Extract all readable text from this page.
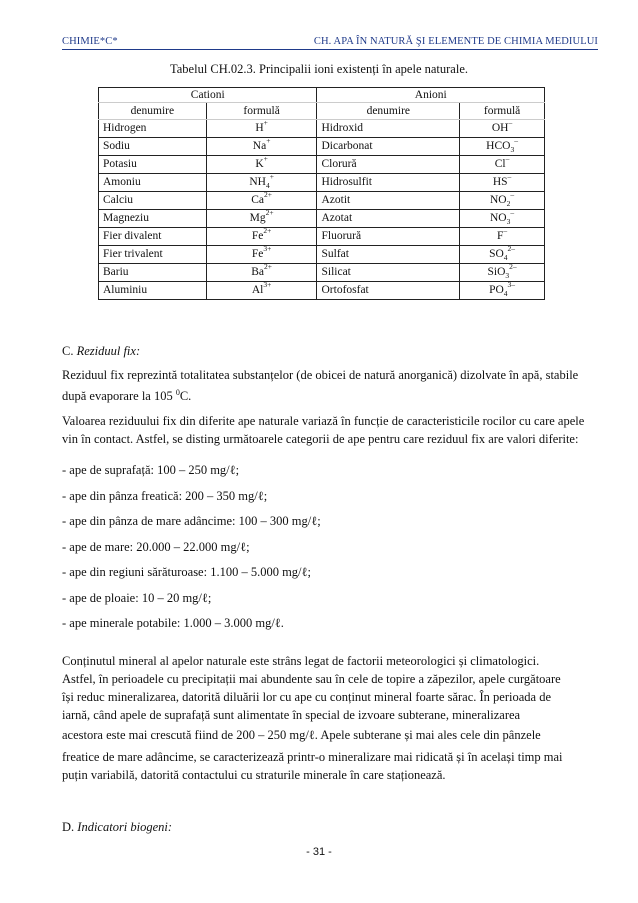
CHIMIE*C*	CH. APA ÎN NATURĂ ŞI ELEMENTE DE CHIMIA MEDIULUI
Tabelul CH.02.3. Principalii ioni existenți în apele naturale.
Cationi		Anioni	
denumire	formulă	denumire	formulă
Hidrogen	H+	Hidroxid	OH–
Sodiu	Na+	Dicarbonat	$HCO_3^-$
Potasiu	K+	Clorură	Cl–
Amoniu	$NH_4^+$	Hidrosulfit	HS–
Calciu	$Ca^{2+}$	Azotit	$NO_2^-$
Magneziu	$Mg^{2+}$	Azotat	$NO_3^-$
Fier divalent	$Fe^{2+}$	Fluorură	F–
Fier trivalent	$Fe^{3+}$	Sulfat	$SO_4^{2-}$
Bariu	$Ba^{2+}$	Silicat	SiO$_3^{2-}$
Aluminiu	$Al^{3+}$	Ortofosfat	$PO_4^{3-}$

C. Reziduul fix:

Reziduul fix reprezintă totalitatea substanțelor (de obicei de natură anorganică) dizolvate în apă, stabile după evaporare la 105 $^0$C.

Valoarea reziduului fix din diferite ape naturale variază în funcție de caracteristicile rocilor cu care apele vin în contact. Astfel, se disting următoarele categorii de ape pentru care reziduul fix are valori diferite:

- ape de suprafață: 100 – 250 mg/ℓ;

- ape din pânza freatică: 200 – 350 mg/ℓ;

- ape din pânza de mare adâncime: 100 – 300 mg/ℓ;

- ape de mare: 20.000 – 22.000 mg/ℓ;

- ape din regiuni sărăturoase: 1.100 – 5.000 mg/ℓ;

- ape de ploaie: 10 – 20 mg/ℓ;

- ape minerale potabile: 1.000 – 3.000 mg/ℓ.

Conținutul mineral al apelor naturale este strâns legat de factorii meteorologici și climatologici.

Astfel, în perioadele cu precipitații mai abundente sau în cele de topire a zăpezilor, apele curgătoare

își reduc mineralizarea, datorită diluării lor cu ape cu conținut mineral foarte sărac. În perioada de

iarnă, când apele de suprafață sunt alimentate în special de izvoare subterane, mineralizarea

acestora este mai crescută fiind de 200 – 250 mg/ℓ. Apele subterane și mai ales cele din pânzele

freatice de mare adâncime, se caracterizează printr-o mineralizare mai ridicată și în același timp mai

puțin variabilă, datorită contactului cu straturile minerale în care staționează.

D. Indicatori biogeni:

- 31 -
